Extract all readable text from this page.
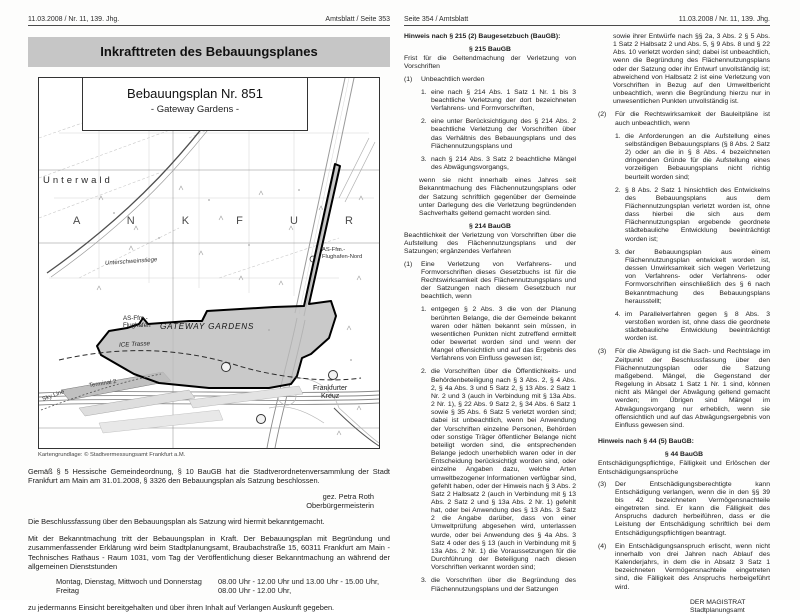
11.03.2008 / Nr. 11, 139. Jhg.	Amtsblatt / Seite 353
Inkrafttreten des Bebauungsplanes
Bebauungsplan Nr. 851
- Gateway Gardens -
Unterwald
A N K F U R
Unterschweinstiege
AS-Ffm.-
Flughafen-Nord
AS-Ffm.-
Flughafen GATEWAY GARDENS
ICE Trasse
Terminal 2
Sky Line
Frankfurter
Kreuz
Kartengrundlage: © Stadtvermessungsamt Frankfurt a.M.
Gemäß § 5 Hessische Gemeindeordnung, § 10 BauGB hat die Stadtverordnetenversammlung der Stadt Frankfurt am Main am 31.01.2008, § 3326 den Bebauungsplan als Satzung beschlossen.
gez. Petra Roth
Oberbürgermeisterin
Die Beschlussfassung über den Bebauungsplan als Satzung wird hiermit bekanntgemacht.
Mit der Bekanntmachung tritt der Bebauungsplan in Kraft. Der Bebauungsplan mit Begründung und zusammenfassender Erklärung wird beim Stadtplanungsamt, Braubachstraße 15, 60311 Frankfurt am Main - Technisches Rathaus - Raum 1031, vom Tag der Veröffentlichung dieser Bekanntmachung an während der allgemeinen Dienststunden
Montag, Dienstag, Mittwoch und Donnerstag	08.00 Uhr - 12.00 Uhr und 13.00 Uhr - 15.00 Uhr,
Freitag	08.00 Uhr - 12.00 Uhr,
zu jedermanns Einsicht bereitgehalten und über ihren Inhalt auf Verlangen Auskunft gegeben.
Seite 354 / Amtsblatt	11.03.2008 / Nr. 11, 139. Jhg.
Hinweis nach § 215 (2) Baugesetzbuch (BauGB):
§ 215 BauGB
Frist für die Geltendmachung der Verletzung von Vorschriften
(1)	Unbeachtlich werden
1. eine nach § 214 Abs. 1 Satz 1 Nr. 1 bis 3 beachtliche Verletzung der dort bezeichneten Verfahrens- und Formvorschriften,
2. eine unter Berücksichtigung des § 214 Abs. 2 beachtliche Verletzung der Vorschriften über das Verhältnis des Bebauungsplans und des Flächennutzungsplans und
3. nach § 214 Abs. 3 Satz 2 beachtliche Mängel des Abwägungsvorgangs,
wenn sie nicht innerhalb eines Jahres seit Bekanntmachung des Flächennutzungsplans oder der Satzung schriftlich gegenüber der Gemeinde unter Darlegung des die Verletzung begründenden Sachverhalts geltend gemacht worden sind.
§ 214 BauGB
Beachtlichkeit der Verletzung von Vorschriften über die Aufstellung des Flächennutzungsplans und der Satzungen; ergänzendes Verfahren
(1)	Eine Verletzung von Verfahrens- und Formvorschriften dieses Gesetzbuchs ist für die Rechtswirksamkeit des Flächennutzungsplans und der Satzungen nach diesem Gesetzbuch nur beachtlich, wenn
1. entgegen § 2 Abs. 3 die von der Planung berührten Belange, die der Gemeinde bekannt waren oder hätten bekannt sein müssen, in wesentlichen Punkten nicht zutreffend ermittelt oder bewertet worden sind und wenn der Mangel offensichtlich und auf das Ergebnis des Verfahrens von Einfluss gewesen ist;
2. die Vorschriften über die Öffentlichkeits- und Behördenbeteiligung nach § 3 Abs. 2, § 4 Abs. 2, § 4a Abs. 3 und 5 Satz 2, § 13 Abs. 2 Satz 1 Nr. 2 und 3 (auch in Verbindung mit § 13a Abs. 2 Nr. 1), § 22 Abs. 9 Satz 2, § 34 Abs. 6 Satz 1 sowie § 35 Abs. 6 Satz 5 verletzt worden sind; dabei ist unbeachtlich, wenn bei Anwendung der Vorschriften einzelne Personen, Behörden oder sonstige Träger öffentlicher Belange nicht beteiligt worden sind, die entsprechenden Belange jedoch unerheblich waren oder in der Entscheidung berücksichtigt worden sind, oder einzelne Angaben dazu, welche Arten umweltbezogener Informationen verfügbar sind, gefehlt haben, oder der Hinweis nach § 3 Abs. 2 Satz 2 Halbsatz 2 (auch in Verbindung mit § 13 Abs. 2 Satz 2 und § 13a Abs. 2 Nr. 1) gefehlt hat, oder bei Anwendung des § 13 Abs. 3 Satz 2 die Angabe darüber, dass von einer Umweltprüfung abgesehen wird, unterlassen wurde, oder bei Anwendung des § 4a Abs. 3 Satz 4 oder des § 13 (auch in Verbindung mit § 13a Abs. 2 Nr. 1) die Voraussetzungen für die Durchführung der Beteiligung nach diesen Vorschriften verkannt worden sind;
3. die Vorschriften über die Begründung des Flächennutzungsplans und der Satzungen
sowie ihrer Entwürfe nach §§ 2a, 3 Abs. 2 § 5 Abs. 1 Satz 2 Halbsatz 2 und Abs. 5, § 9 Abs. 8 und § 22 Abs. 10 verletzt worden sind; dabei ist unbeachtlich, wenn die Begründung des Flächennutzungsplans oder der Satzung oder ihr Entwurf unvollständig ist; abweichend von Halbsatz 2 ist eine Verletzung von Vorschriften in Bezug auf den Umweltbericht unbeachtlich, wenn die Begründung hierzu nur in unwesentlichen Punkten unvollständig ist.
(2)	Für die Rechtswirksamkeit der Bauleitpläne ist auch unbeachtlich, wenn
1. die Anforderungen an die Aufstellung eines selbständigen Bebauungsplans (§ 8 Abs. 2 Satz 2) oder an die in § 8 Abs. 4 bezeichneten dringenden Gründe für die Aufstellung eines vorzeitigen Bebauungsplans nicht richtig beurteilt worden sind;
2. § 8 Abs. 2 Satz 1 hinsichtlich des Entwickelns des Bebauungsplans aus dem Flächennutzungsplan verletzt worden ist, ohne dass hierbei die sich aus dem Flächennutzungsplan ergebende geordnete städtebauliche Entwicklung beeinträchtigt worden ist;
3. der Bebauungsplan aus einem Flächennutzungsplan entwickelt worden ist, dessen Unwirksamkeit sich wegen Verletzung von Verfahrens- oder Verfahrens- oder Formvorschriften einschließlich des § 6 nach Bekanntmachung des Bebauungsplans herausstellt;
4. im Parallelverfahren gegen § 8 Abs. 3 verstoßen worden ist, ohne dass die geordnete städtebauliche Entwicklung beeinträchtigt worden ist.
(3)	Für die Abwägung ist die Sach- und Rechtslage im Zeitpunkt der Beschlussfassung über den Flächennutzungsplan oder die Satzung maßgebend. Mängel, die Gegenstand der Regelung in Absatz 1 Satz 1 Nr. 1 sind, können nicht als Mängel der Abwägung geltend gemacht werden; im Übrigen sind Mängel im Abwägungsvorgang nur erheblich, wenn sie offensichtlich und auf das Abwägungsergebnis von Einfluss gewesen sind.
Hinweis nach § 44 (5) BauGB:
§ 44 BauGB
Entschädigungspflichtige, Fälligkeit und Erlöschen der Entschädigungsansprüche
(3)	Der Entschädigungsberechtigte kann Entschädigung verlangen, wenn die in den §§ 39 bis 42 bezeichneten Vermögensnachteile eingetreten sind. Er kann die Fälligkeit des Anspruchs dadurch herbeiführen, dass er die Leistung der Entschädigung schriftlich bei dem Entschädigungspflichtigen beantragt.
(4)	Ein Entschädigungsanspruch erlischt, wenn nicht innerhalb von drei Jahren nach Ablauf des Kalenderjahrs, in dem die in Absatz 3 Satz 1 bezeichneten Vermögensnachteile eingetreten sind, die Fälligkeit des Anspruchs herbeigeführt wird.
DER MAGISTRAT
Stadtplanungsamt
